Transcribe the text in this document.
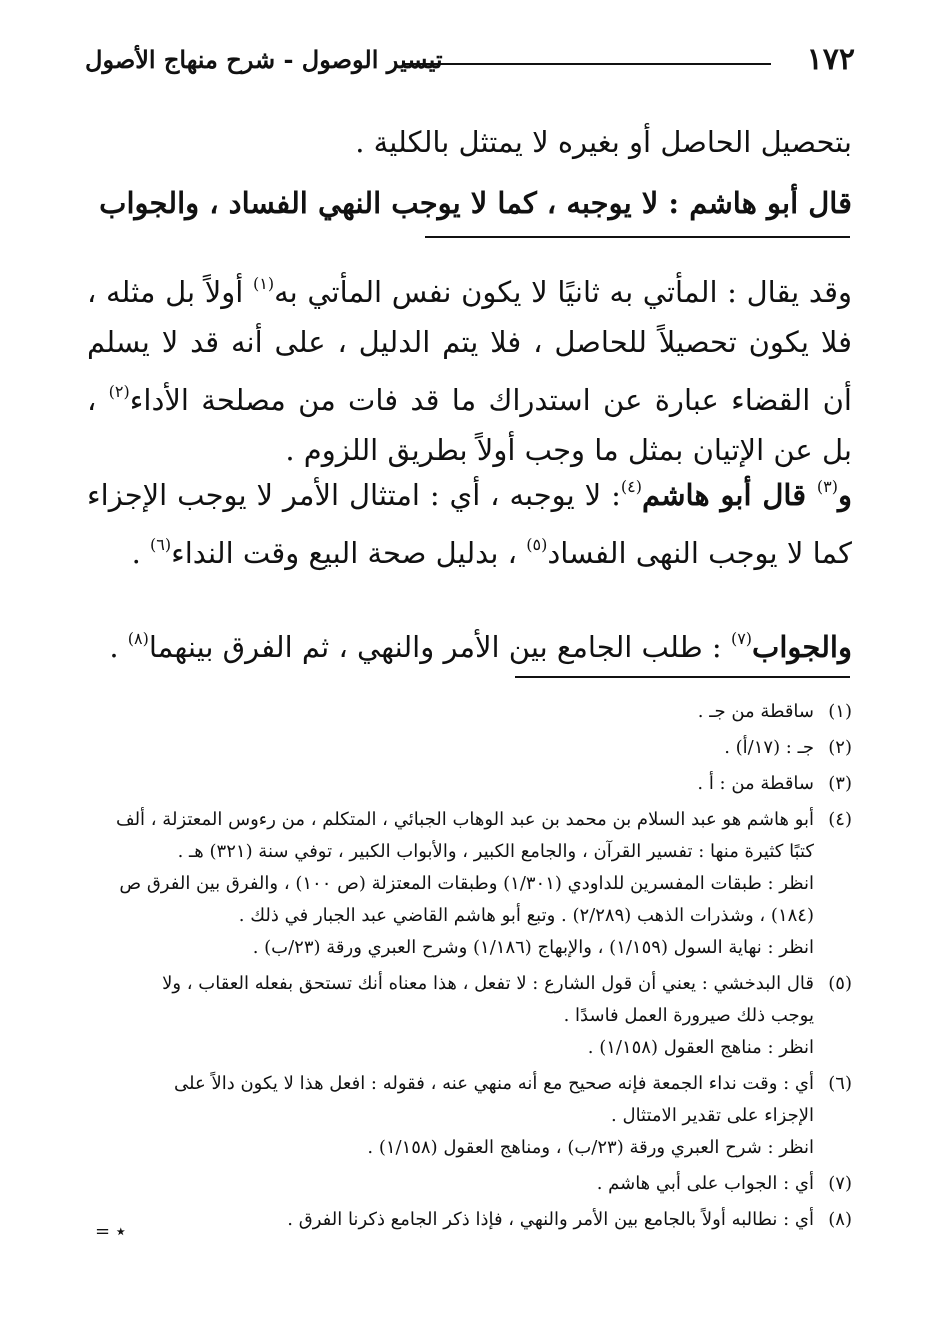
١٧٢
تيسير الوصول - شرح منهاج الأصول
بتحصيل الحاصل أو بغيره لا يمتثل بالكلية .
قال أبو هاشم : لا يوجبه ، كما لا يوجب النهي الفساد ، والجواب
وقد يقال : المأتي به ثانيًا لا يكون نفس المأتي به$^{(١)}$ أولاً بل مثله ، فلا يكون تحصيلاً للحاصل ، فلا يتم الدليل ، على أنه قد لا يسلم أن القضاء عبارة عن استدراك ما قد فات من مصلحة الأداء$^{(٢)}$ ، بل عن الإتيان بمثل ما وجب أولاً بطريق اللزوم .
و$^{(٣)}$ قال أبو هاشم$^{(٤)}$: لا يوجبه ، أي : امتثال الأمر لا يوجب الإجزاء كما لا يوجب النهى الفساد$^{(٥)}$ ، بدليل صحة البيع وقت النداء$^{(٦)}$ .
والجواب$^{(٧)}$ : طلب الجامع بين الأمر والنهي ، ثم الفرق بينهما$^{(٨)}$ .
(١)
ساقطة من جـ .
(٢)
جـ : (١٧/أ) .
(٣)
ساقطة من : أ .
(٤)
أبو هاشم هو عبد السلام بن محمد بن عبد الوهاب الجبائي ، المتكلم ، من رءوس المعتزلة ، ألف
كتبًا كثيرة منها : تفسير القرآن ، والجامع الكبير ، والأبواب الكبير ، توفي سنة (٣٢١) هـ .
انظر : طبقات المفسرين للداودي (١/٣٠١) وطبقات المعتزلة (ص ١٠٠) ، والفرق بين الفرق ص
(١٨٤) ، وشذرات الذهب (٢/٢٨٩) . وتبع أبو هاشم القاضي عبد الجبار في ذلك .
انظر : نهاية السول (١/١٥٩) ، والإبهاج (١/١٨٦) وشرح العبري ورقة (٢٣/ب) .
(٥)
قال البدخشي : يعني أن قول الشارع : لا تفعل ، هذا معناه أنك تستحق بفعله العقاب ، ولا
يوجب ذلك صيرورة العمل فاسدًا .
انظر : مناهج العقول (١/١٥٨) .
(٦)
أي : وقت نداء الجمعة فإنه صحيح مع أنه منهي عنه ، فقوله : افعل هذا لا يكون دالاً على
الإجزاء على تقدير الامتثال .
انظر : شرح العبري ورقة (٢٣/ب) ، ومناهج العقول (١/١٥٨) .
(٧)
أي : الجواب على أبي هاشم .
(٨)
أي : نطالبه أولاً بالجامع بين الأمر والنهي ، فإذا ذكر الجامع ذكرنا الفرق .
= ٭
